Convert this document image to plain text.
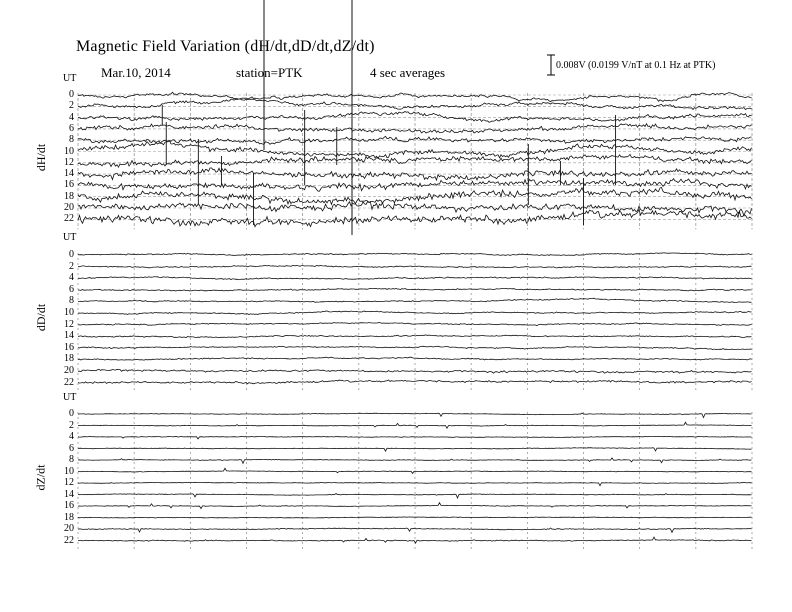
Magnetic Field Variation (dH/dt,dD/dt,dZ/dt)
Mar.10, 2014	station=PTK	4 sec averages	0.008V (0.0199 V/nT at 0.1 Hz at PTK)
UT
UT
UT
dH/dt
dD/dt
dZ/dt
0
2
4
6
8
10
12
14
16
18
20
22
0
2
4
6
8
10
12
14
16
18
20
22
0
2
4
6
8
10
12
14
16
18
20
22
